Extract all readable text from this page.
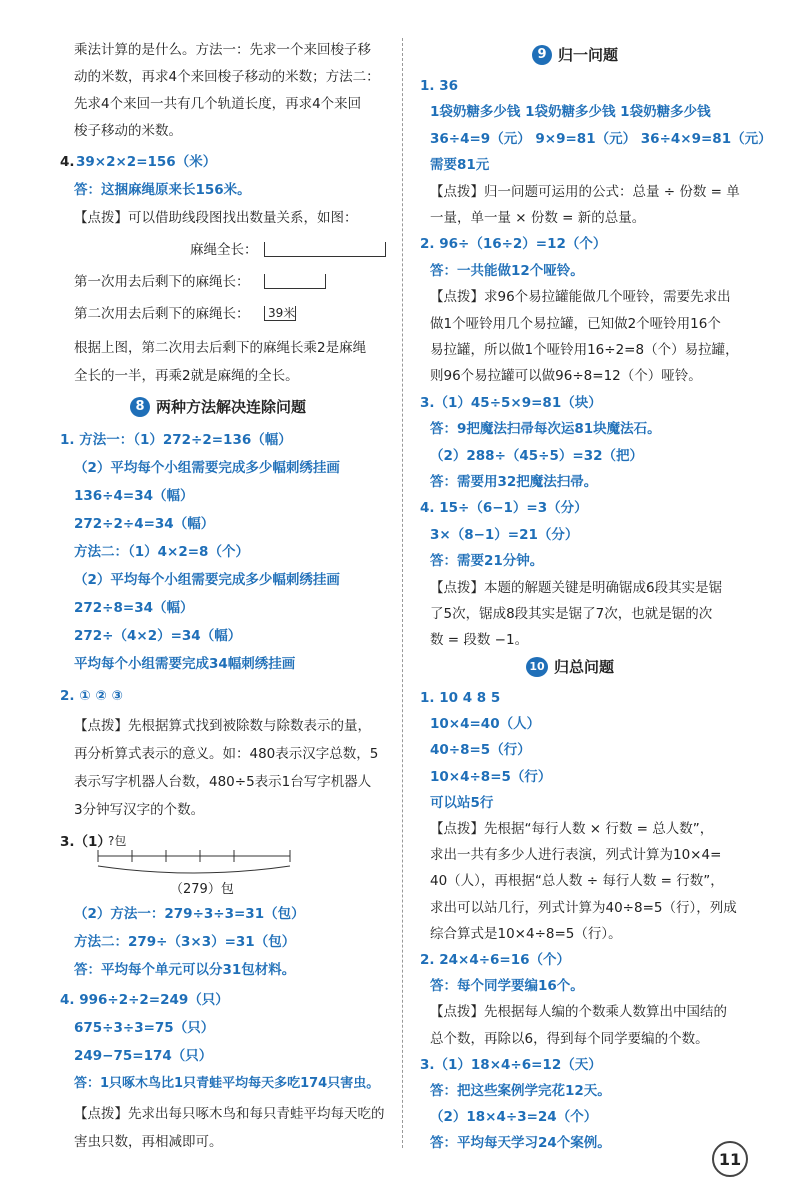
乘法计算的是什么。方法一：先求一个来回梭子移
动的米数，再求4个来回梭子移动的米数；方法二：
先求4个来回一共有几个轨道长度，再求4个来回
梭子移动的米数。
4. 39×2×2=156（米）
答：这捆麻绳原来长156米。
【点拨】可以借助线段图找出数量关系，如图：
麻绳全长：
第一次用去后剩下的麻绳长：
第二次用去后剩下的麻绳长： 39米
根据上图，第二次用去后剩下的麻绳长乘2是麻绳
全长的一半，再乘2就是麻绳的全长。
8 两种方法解决连除问题
1. 方法一：（1）272÷2=136（幅）
（2）平均每个小组需要完成多少幅刺绣挂画
136÷4=34（幅）
272÷2÷4=34（幅）
方法二：（1）4×2=8（个）
（2）平均每个小组需要完成多少幅刺绣挂画
272÷8=34（幅）
272÷（4×2）=34（幅）
平均每个小组需要完成34幅刺绣挂画
2. ① ② ③
【点拨】先根据算式找到被除数与除数表示的量，
再分析算式表示的意义。如：480表示汉字总数，5
表示写字机器人台数，480÷5表示1台写字机器人
3分钟写汉字的个数。
3.（1）
?包
（279）包
（2）方法一：279÷3÷3=31（包）
方法二：279÷（3×3）=31（包）
答：平均每个单元可以分31包材料。
4. 996÷2÷2=249（只）
675÷3÷3=75（只）
249−75=174（只）
答：1只啄木鸟比1只青蛙平均每天多吃174只害虫。
【点拨】先求出每只啄木鸟和每只青蛙平均每天吃的
害虫只数，再相减即可。
9 归一问题
1. 36
1袋奶糖多少钱 1袋奶糖多少钱 1袋奶糖多少钱
36÷4=9（元） 9×9=81（元） 36÷4×9=81（元）
需要81元
【点拨】归一问题可运用的公式：总量 ÷ 份数 = 单
一量，单一量 × 份数 = 新的总量。
2. 96÷（16÷2）=12（个）
答：一共能做12个哑铃。
【点拨】求96个易拉罐能做几个哑铃，需要先求出
做1个哑铃用几个易拉罐，已知做2个哑铃用16个
易拉罐，所以做1个哑铃用16÷2=8（个）易拉罐，
则96个易拉罐可以做96÷8=12（个）哑铃。
3.（1）45÷5×9=81（块）
答：9把魔法扫帚每次运81块魔法石。
（2）288÷（45÷5）=32（把）
答：需要用32把魔法扫帚。
4. 15÷（6−1）=3（分）
3×（8−1）=21（分）
答：需要21分钟。
【点拨】本题的解题关键是明确锯成6段其实是锯
了5次，锯成8段其实是锯了7次，也就是锯的次
数 = 段数 −1。
10 归总问题
1. 10 4 8 5
10×4=40（人）
40÷8=5（行）
10×4÷8=5（行）
可以站5行
【点拨】先根据“每行人数 × 行数 = 总人数”，
求出一共有多少人进行表演，列式计算为10×4=
40（人），再根据“总人数 ÷ 每行人数 = 行数”，
求出可以站几行，列式计算为40÷8=5（行），列成
综合算式是10×4÷8=5（行）。
2. 24×4÷6=16（个）
答：每个同学要编16个。
【点拨】先根据每人编的个数乘人数算出中国结的
总个数，再除以6，得到每个同学要编的个数。
3.（1）18×4÷6=12（天）
答：把这些案例学完花12天。
（2）18×4÷3=24（个）
答：平均每天学习24个案例。
11
